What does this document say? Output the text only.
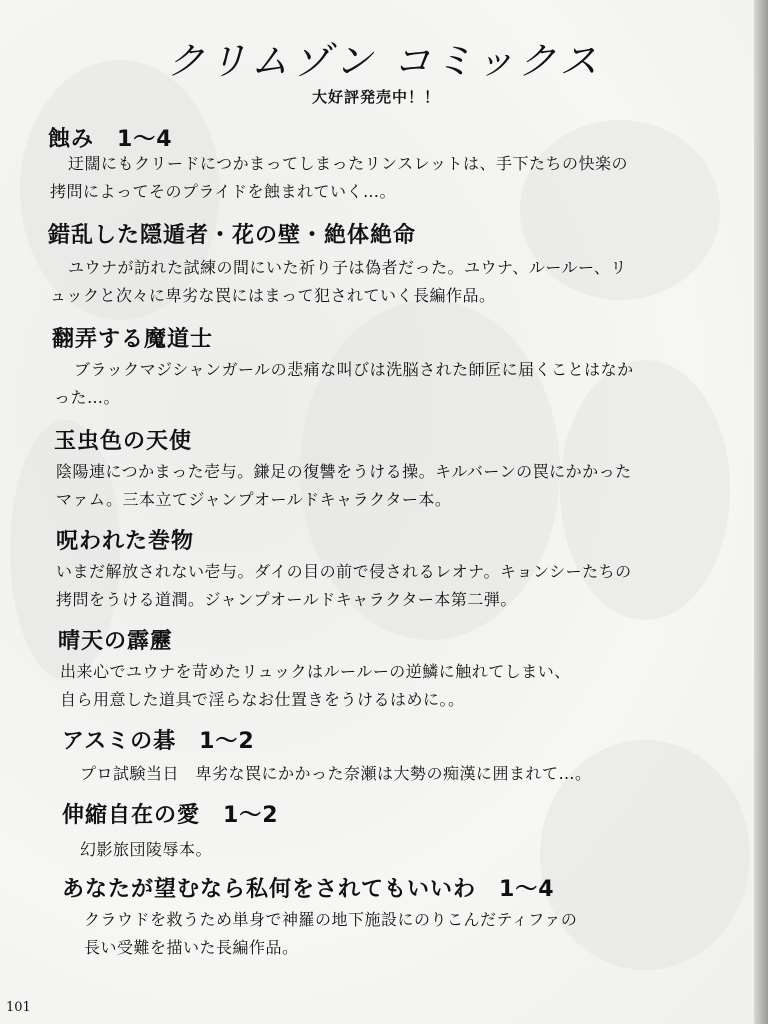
クリムゾン コミックス
大好評発売中！！
蝕み　1〜4
迂闊にもクリードにつかまってしまったリンスレットは、手下たちの快楽の
拷問によってそのプライドを蝕まれていく…。
錯乱した隠遁者・花の壁・絶体絶命
ユウナが訪れた試練の間にいた祈り子は偽者だった。ユウナ、ルールー、リ
ュックと次々に卑劣な罠にはまって犯されていく長編作品。
翻弄する魔道士
ブラックマジシャンガールの悲痛な叫びは洗脳された師匠に届くことはなか
った…。
玉虫色の天使
陰陽連につかまった壱与。鎌足の復讐をうける操。キルバーンの罠にかかった
マァム。三本立てジャンプオールドキャラクター本。
呪われた巻物
いまだ解放されない壱与。ダイの目の前で侵されるレオナ。キョンシーたちの
拷問をうける道潤。ジャンプオールドキャラクター本第二弾。
晴天の霹靂
出来心でユウナを苛めたリュックはルールーの逆鱗に触れてしまい、
自ら用意した道具で淫らなお仕置きをうけるはめに。。
アスミの碁　1〜2
プロ試験当日　卑劣な罠にかかった奈瀬は大勢の痴漢に囲まれて…。
伸縮自在の愛　1〜2
幻影旅団陵辱本。
あなたが望むなら私何をされてもいいわ　1〜4
クラウドを救うため単身で神羅の地下施設にのりこんだティファの
長い受難を描いた長編作品。
101
